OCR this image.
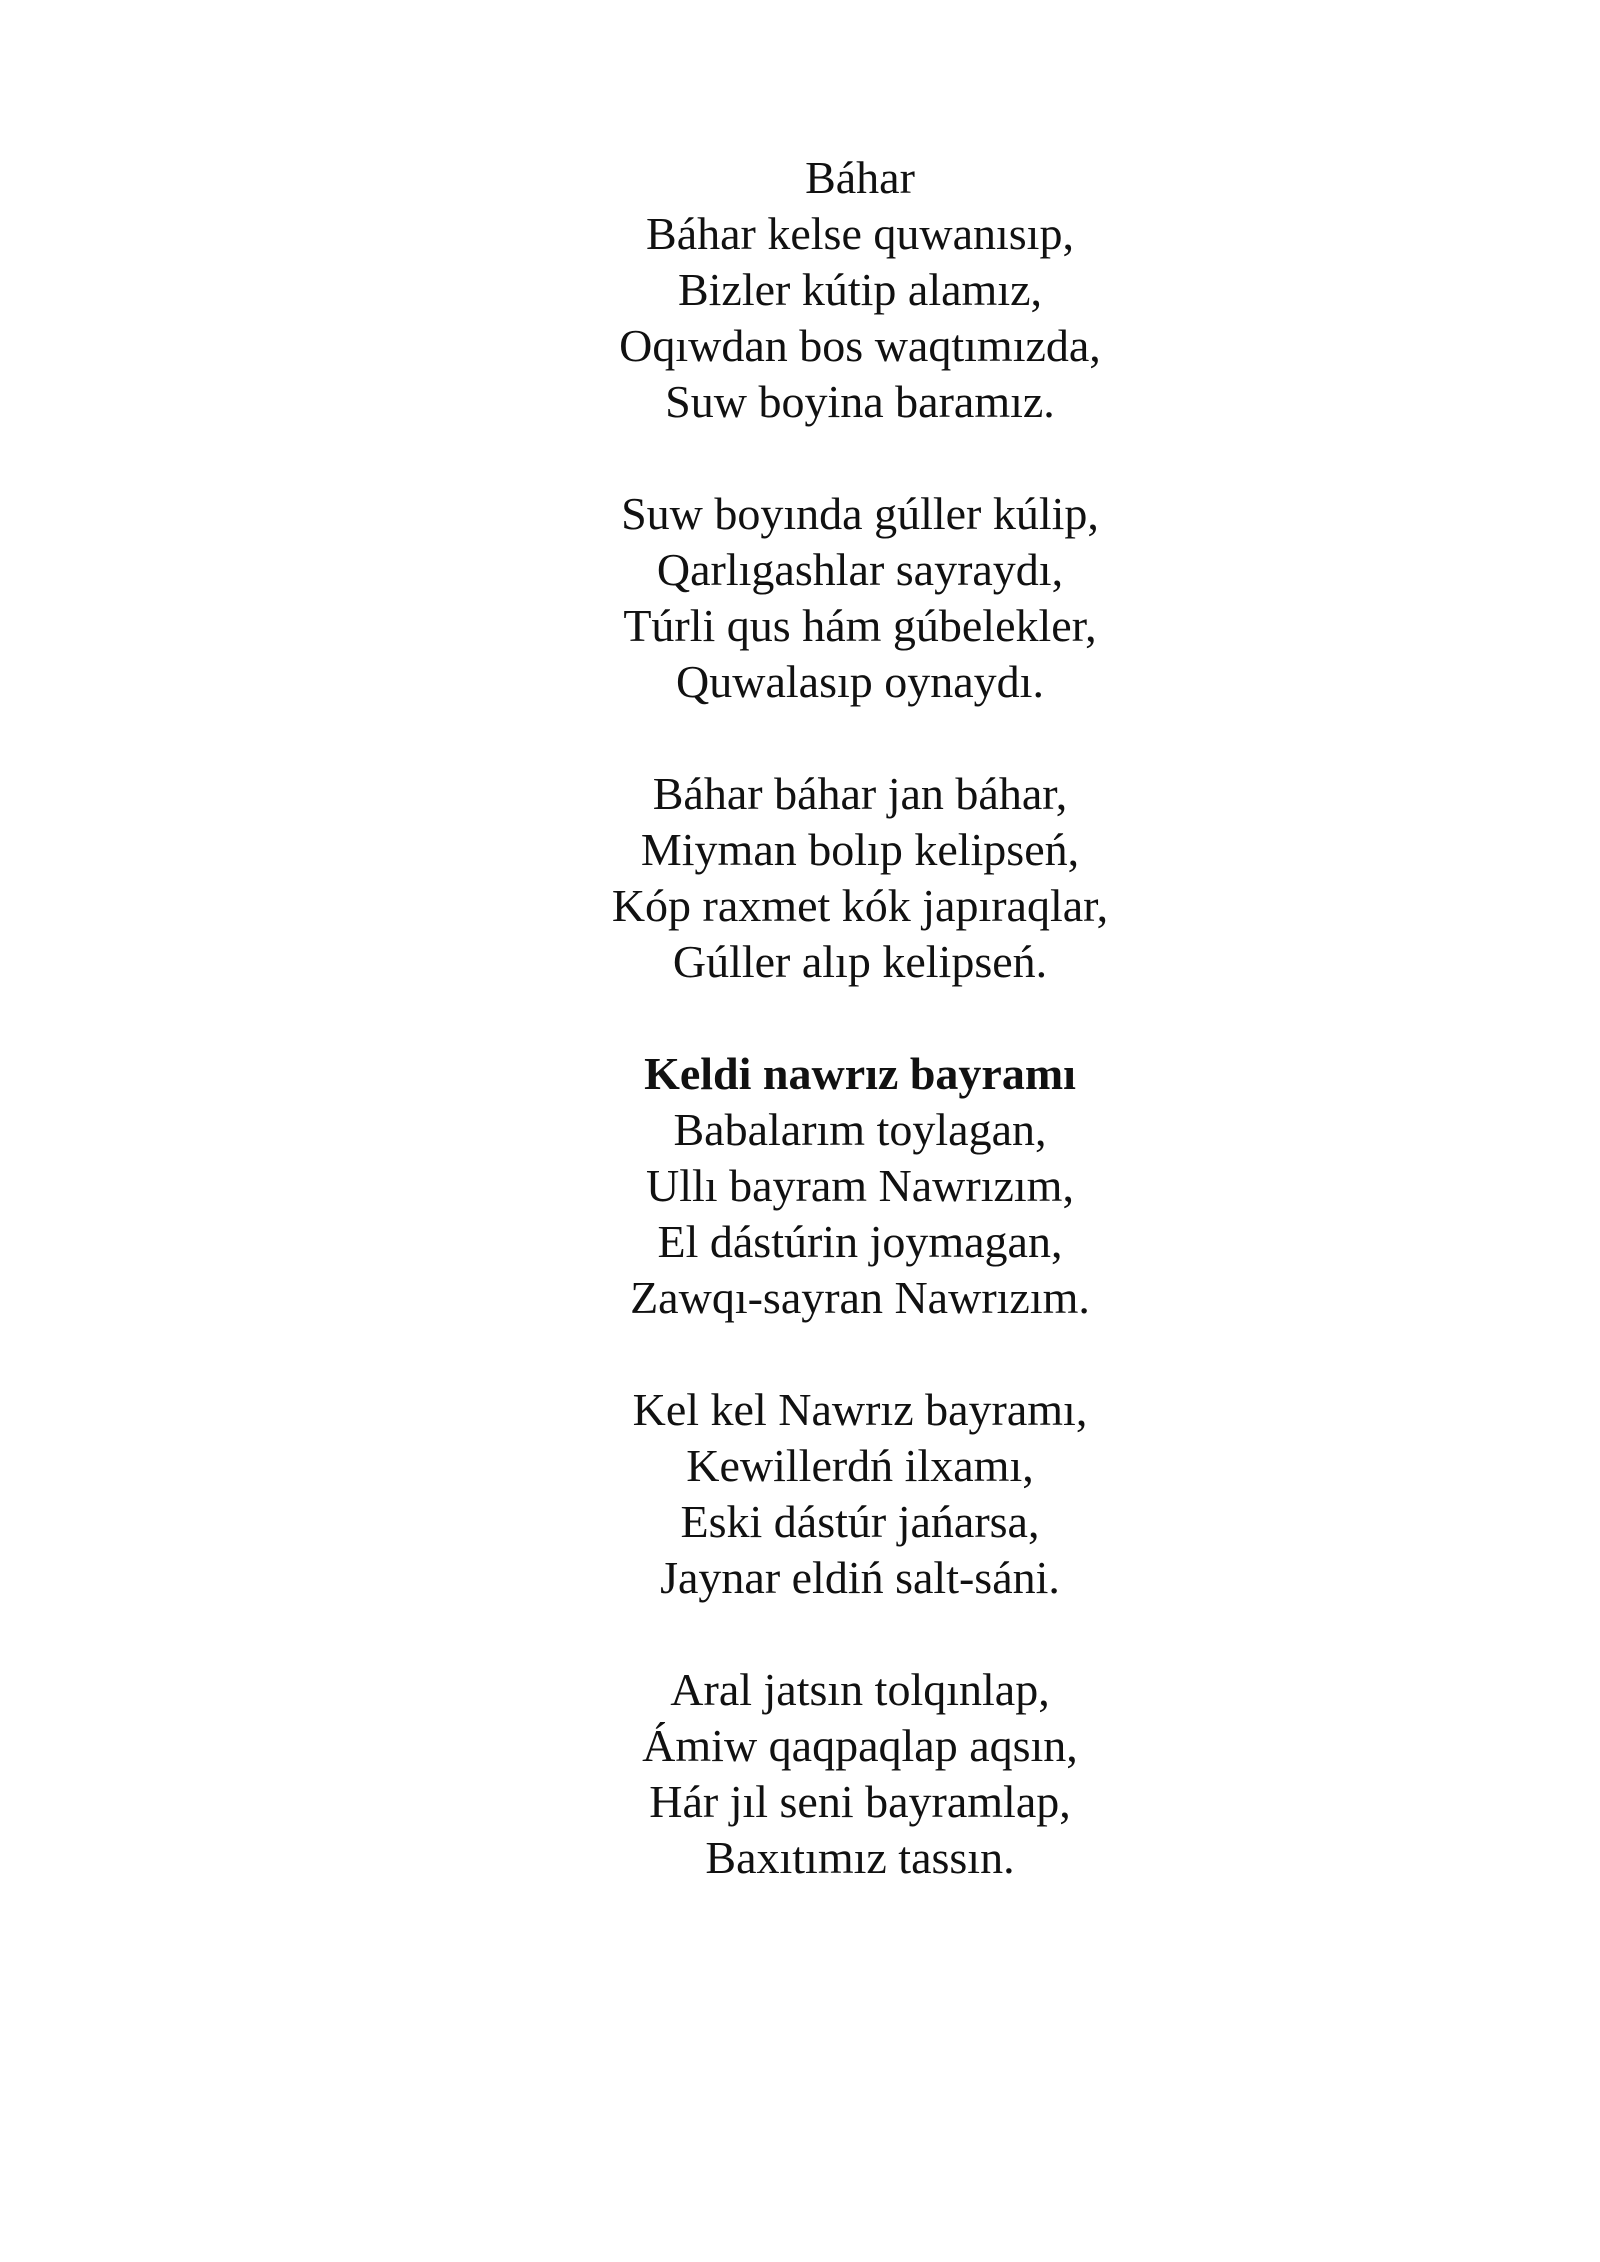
Báhar
Báhar kelse quwanısıp,
Bizler kútip alamız,
Oqıwdan bos waqtımızda,
Suw boyina baramız.
Suw boyında gúller kúlip,
Qarlıgashlar sayraydı,
Túrli qus hám gúbelekler,
Quwalasıp oynaydı.
Báhar báhar jan báhar,
Miyman bolıp kelipseń,
Kóp raxmet kók japıraqlar,
Gúller alıp kelipseń.
Keldi nawrız bayramı
Babalarım toylagan,
Ullı bayram Nawrızım,
El dástúrin joymagan,
Zawqı-sayran Nawrızım.
Kel kel Nawrız bayramı,
Kewillerdń ilxamı,
Eski dástúr jańarsa,
Jaynar eldiń salt-sáni.
Aral jatsın tolqınlap,
Ámiw qaqpaqlap aqsın,
Hár jıl seni bayramlap,
Baxıtımız tassın.
